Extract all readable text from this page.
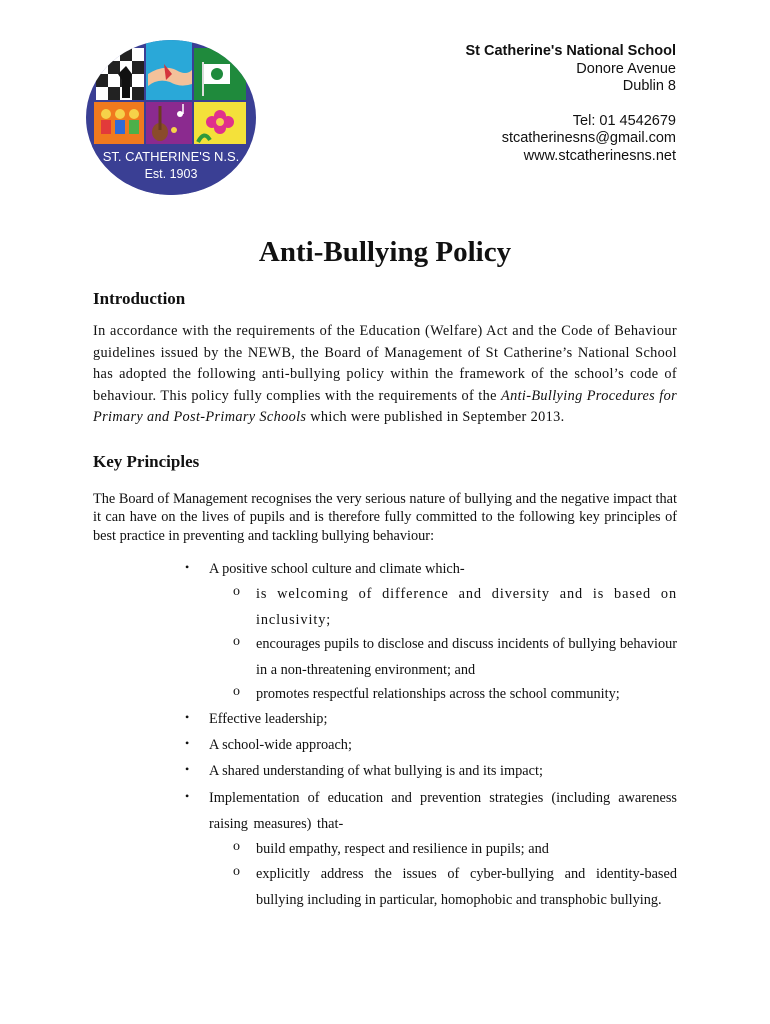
ST. CATHERINE'S N.S.
Est. 1903
St Catherine's National School
Donore Avenue
Dublin 8
Tel: 01 4542679
stcatherinesns@gmail.com
www.stcatherinesns.net
Anti-Bullying Policy
Introduction

In accordance with the requirements of the Education (Welfare) Act and the Code of Behaviour guidelines issued by the NEWB, the Board of Management of St Catherine’s National School has adopted the following anti-bullying policy within the framework of the school’s code of behaviour. This policy fully complies with the requirements of the Anti-Bullying Procedures for Primary and Post-Primary Schools which were published in September 2013.

Key Principles

The Board of Management recognises the very serious nature of bullying and the negative impact that it can have on the lives of pupils and is therefore fully committed to the following key principles of best practice in preventing and tackling bullying behaviour:

• A positive school culture and climate which-

o is welcoming of difference and diversity and is based on inclusivity;

o encourages pupils to disclose and discuss incidents of bullying behaviour in a non-threatening environment; and

o promotes respectful relationships across the school community;

• Effective leadership;

• A school-wide approach;

• A shared understanding of what bullying is and its impact;

• Implementation of education and prevention strategies (including awareness raising measures) that-

o build empathy, respect and resilience in pupils; and

o explicitly address the issues of cyber-bullying and identity-based bullying including in particular, homophobic and transphobic bullying.
